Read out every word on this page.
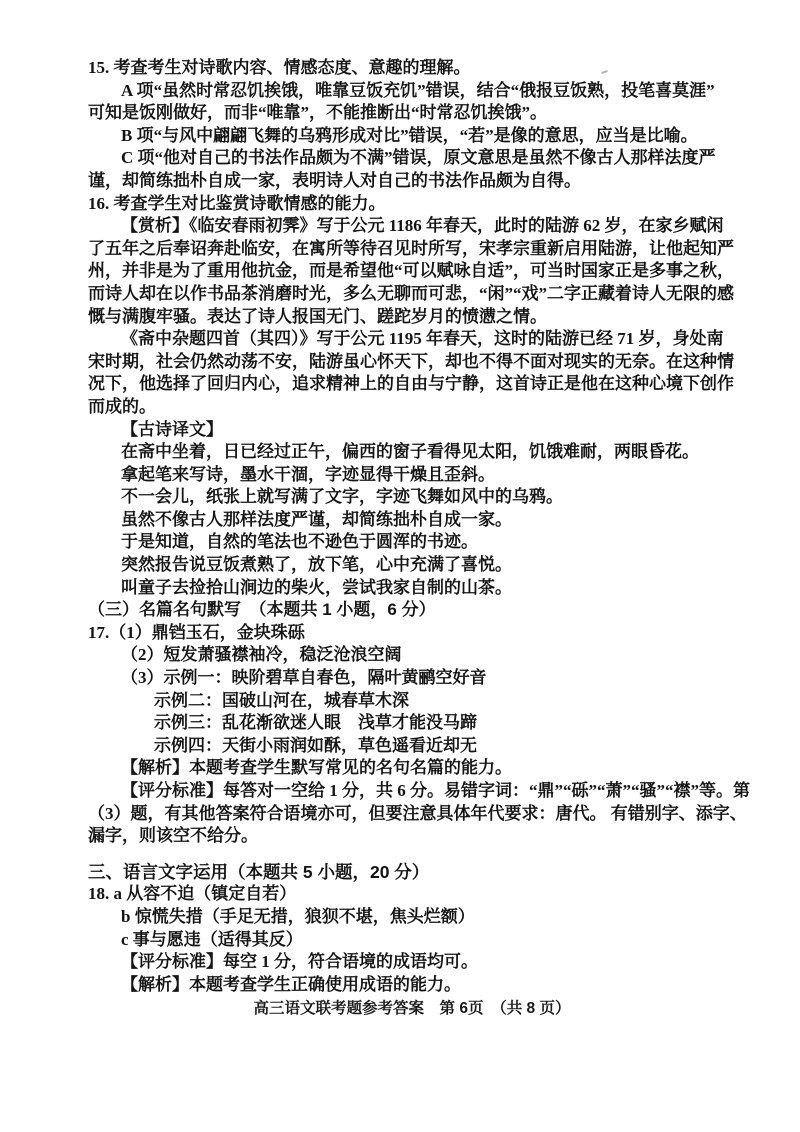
15. 考查考生对诗歌内容、情感态度、意趣的理解。
A 项“虽然时常忍饥挨饿，唯靠豆饭充饥”错误，结合“俄报豆饭熟，投笔喜莫涯”
可知是饭刚做好，而非“唯靠”，不能推断出“时常忍饥挨饿”。
B 项“与风中翩翩飞舞的乌鸦形成对比”错误，“若”是像的意思，应当是比喻。
C 项“他对自己的书法作品颇为不满”错误，原文意思是虽然不像古人那样法度严
谨，却简练拙朴自成一家，表明诗人对自己的书法作品颇为自得。
16. 考查学生对比鉴赏诗歌情感的能力。
【赏析】《临安春雨初霁》写于公元 1186 年春天，此时的陆游 62 岁，在家乡赋闲
了五年之后奉诏奔赴临安，在寓所等待召见时所写，宋孝宗重新启用陆游，让他起知严
州，并非是为了重用他抗金，而是希望他“可以赋咏自适”，可当时国家正是多事之秋，
而诗人却在以作书品茶消磨时光，多么无聊而可悲，“闲”“戏”二字正藏着诗人无限的感
慨与满腹牢骚。表达了诗人报国无门、蹉跎岁月的愤懑之情。
《斋中杂题四首（其四）》写于公元 1195 年春天，这时的陆游已经 71 岁，身处南
宋时期，社会仍然动荡不安，陆游虽心怀天下，却也不得不面对现实的无奈。在这种情
况下，他选择了回归内心，追求精神上的自由与宁静，这首诗正是他在这种心境下创作
而成的。
【古诗译文】
在斋中坐着，日已经过正午，偏西的窗子看得见太阳，饥饿难耐，两眼昏花。
拿起笔来写诗，墨水干涸，字迹显得干燥且歪斜。
不一会儿，纸张上就写满了文字，字迹飞舞如风中的乌鸦。
虽然不像古人那样法度严谨，却简练拙朴自成一家。
于是知道，自然的笔法也不逊色于圆浑的书迹。
突然报告说豆饭煮熟了，放下笔，心中充满了喜悦。
叫童子去捡拾山涧边的柴火，尝试我家自制的山茶。
（三）名篇名句默写　（本题共 1 小题，6 分）
17.（1）鼎铛玉石，金块珠砾
（2）短发萧骚襟袖冷，稳泛沧浪空阔
（3）示例一：映阶碧草自春色，隔叶黄鹂空好音
示例二：国破山河在，城春草木深
示例三：乱花渐欲迷人眼　浅草才能没马蹄
示例四：天街小雨润如酥，草色遥看近却无
【解析】本题考查学生默写常见的名句名篇的能力。
【评分标准】每答对一空给 1 分，共 6 分。易错字词：“鼎”“砾”“萧”“骚”“襟”等。第
（3）题，有其他答案符合语境亦可，但要注意具体年代要求：唐代。 有错别字、添字、
漏字，则该空不给分。
三、语言文字运用（本题共 5 小题，20 分）
18. a 从容不迫（镇定自若）
b 惊慌失措（手足无措，狼狈不堪，焦头烂额）
c 事与愿违（适得其反）
【评分标准】每空 1 分，符合语境的成语均可。
【解析】本题考查学生正确使用成语的能力。
高三语文联考题参考答案　第 6页　（共 8 页）
